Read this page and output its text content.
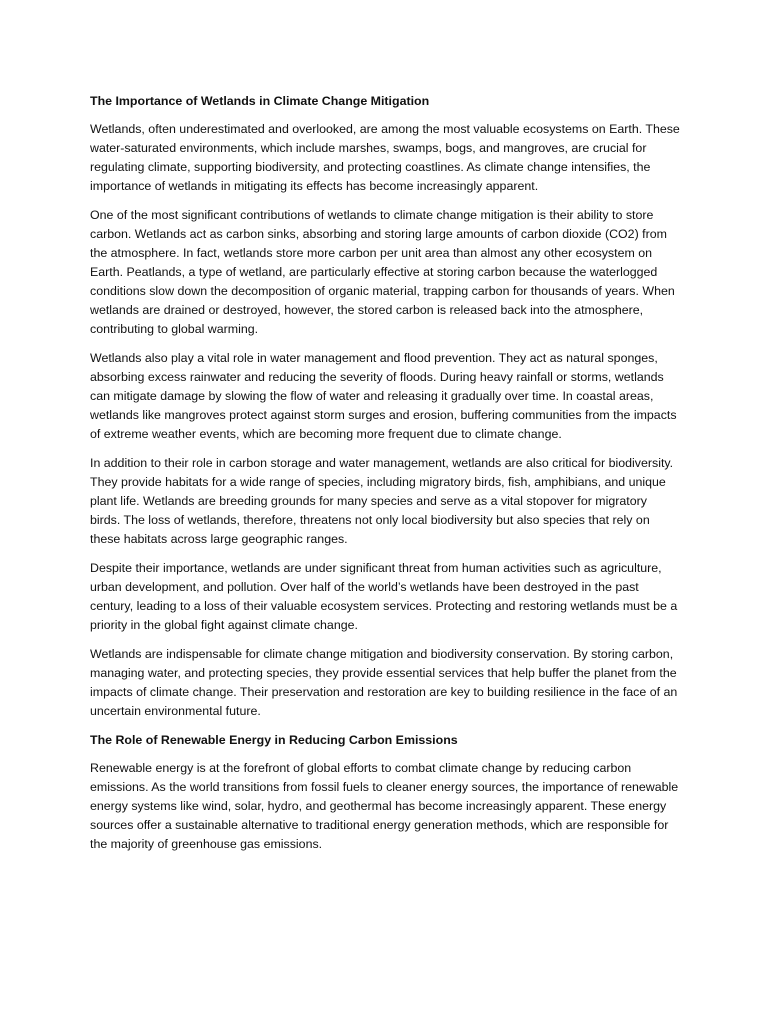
The Importance of Wetlands in Climate Change Mitigation

Wetlands, often underestimated and overlooked, are among the most valuable ecosystems on Earth. These water-saturated environments, which include marshes, swamps, bogs, and mangroves, are crucial for regulating climate, supporting biodiversity, and protecting coastlines. As climate change intensifies, the importance of wetlands in mitigating its effects has become increasingly apparent.

One of the most significant contributions of wetlands to climate change mitigation is their ability to store carbon. Wetlands act as carbon sinks, absorbing and storing large amounts of carbon dioxide (CO2) from the atmosphere. In fact, wetlands store more carbon per unit area than almost any other ecosystem on Earth. Peatlands, a type of wetland, are particularly effective at storing carbon because the waterlogged conditions slow down the decomposition of organic material, trapping carbon for thousands of years. When wetlands are drained or destroyed, however, the stored carbon is released back into the atmosphere, contributing to global warming.

Wetlands also play a vital role in water management and flood prevention. They act as natural sponges, absorbing excess rainwater and reducing the severity of floods. During heavy rainfall or storms, wetlands can mitigate damage by slowing the flow of water and releasing it gradually over time. In coastal areas, wetlands like mangroves protect against storm surges and erosion, buffering communities from the impacts of extreme weather events, which are becoming more frequent due to climate change.

In addition to their role in carbon storage and water management, wetlands are also critical for biodiversity. They provide habitats for a wide range of species, including migratory birds, fish, amphibians, and unique plant life. Wetlands are breeding grounds for many species and serve as a vital stopover for migratory birds. The loss of wetlands, therefore, threatens not only local biodiversity but also species that rely on these habitats across large geographic ranges.

Despite their importance, wetlands are under significant threat from human activities such as agriculture, urban development, and pollution. Over half of the world’s wetlands have been destroyed in the past century, leading to a loss of their valuable ecosystem services. Protecting and restoring wetlands must be a priority in the global fight against climate change.

Wetlands are indispensable for climate change mitigation and biodiversity conservation. By storing carbon, managing water, and protecting species, they provide essential services that help buffer the planet from the impacts of climate change. Their preservation and restoration are key to building resilience in the face of an uncertain environmental future.

The Role of Renewable Energy in Reducing Carbon Emissions

Renewable energy is at the forefront of global efforts to combat climate change by reducing carbon emissions. As the world transitions from fossil fuels to cleaner energy sources, the importance of renewable energy systems like wind, solar, hydro, and geothermal has become increasingly apparent. These energy sources offer a sustainable alternative to traditional energy generation methods, which are responsible for the majority of greenhouse gas emissions.
